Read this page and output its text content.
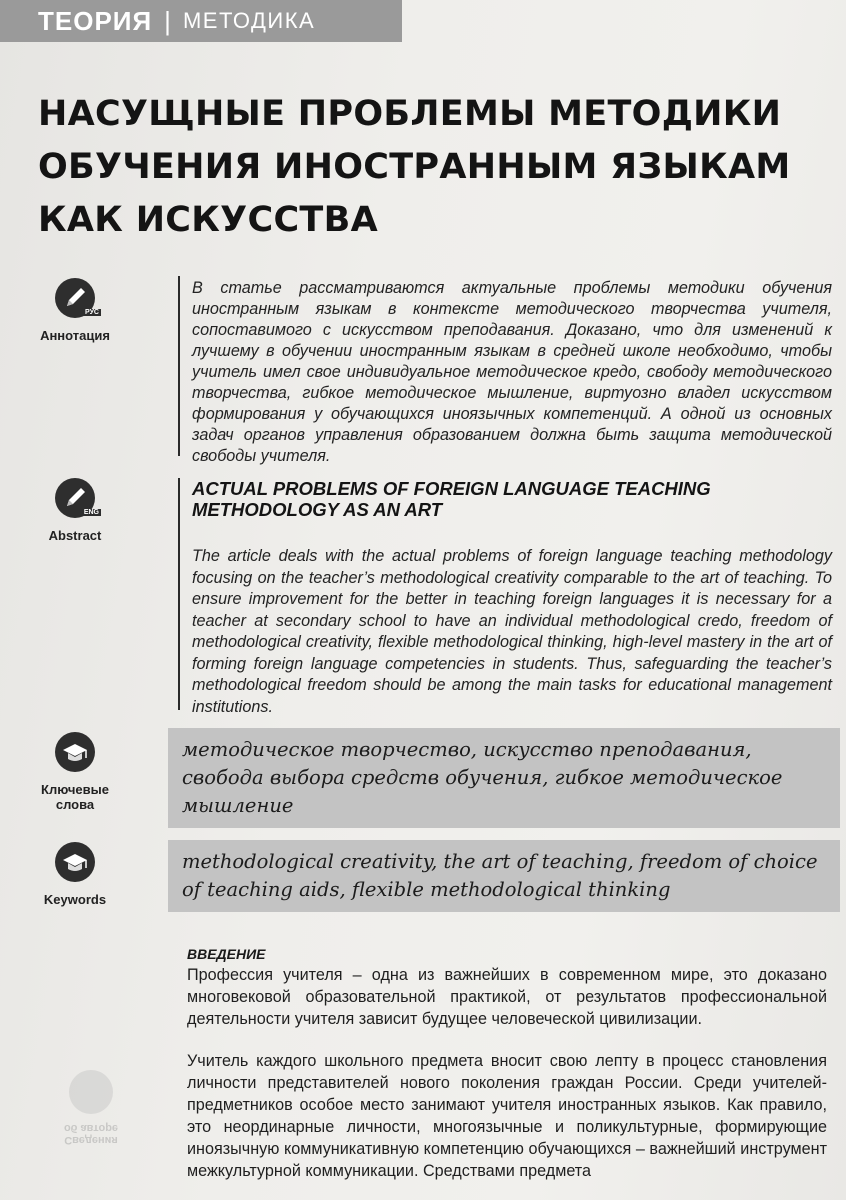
ТЕОРИЯ | МЕТОДИКА
НАСУЩНЫЕ ПРОБЛЕМЫ МЕТОДИКИ ОБУЧЕНИЯ ИНОСТРАННЫМ ЯЗЫКАМ КАК ИСКУССТВА
РУС
Аннотация

В статье рассматриваются актуальные проблемы методики обучения иностранным языкам в контексте методического творчества учителя, сопоставимого с искусством преподавания. Доказано, что для изменений к лучшему в обучении иностранным языкам в средней школе необходимо, чтобы учитель имел свое индивидуальное методическое кредо, свободу методического творчества, гибкое методическое мышление, виртуозно владел искусством формирования у обучающихся иноязычных компетенций. А одной из основных задач органов управления образованием должна быть защита методической свободы учителя.

ENG
Abstract
ACTUAL PROBLEMS OF FOREIGN LANGUAGE TEACHING METHODOLOGY AS AN ART

The article deals with the actual problems of foreign language teaching methodology focusing on the teacher’s methodological creativity comparable to the art of teaching. To ensure improvement for the better in teaching foreign languages it is necessary for a teacher at secondary school to have an individual methodological credo, freedom of methodological creativity, flexible methodological thinking, high-level mastery in the art of forming foreign language competencies in students. Thus, safeguarding the teacher’s methodological freedom should be among the main tasks for educational management institutions.

Ключевые
слова

методическое творчество, искусство преподавания, свобода выбора средств обучения, гибкое методическое мышление

Keywords

methodological creativity, the art of teaching, freedom of choice of teaching aids, flexible methodological thinking

ВВЕДЕНИЕ

Профессия учителя – одна из важнейших в современном мире, это доказано многовековой образовательной практикой, от результатов профессиональной деятельности учителя зависит будущее человеческой цивилизации.

Учитель каждого школьного предмета вносит свою лепту в процесс становления личности представителей нового поколения граждан России. Среди учителей-предметников особое место занимают учителя иностранных языков. Как правило, это неординарные личности, многоязычные и поликультурные, формирующие иноязычную коммуникативную компетенцию обучающихся – важнейший инструмент межкультурной коммуникации. Средствами предмета

Сведения
об авторе
